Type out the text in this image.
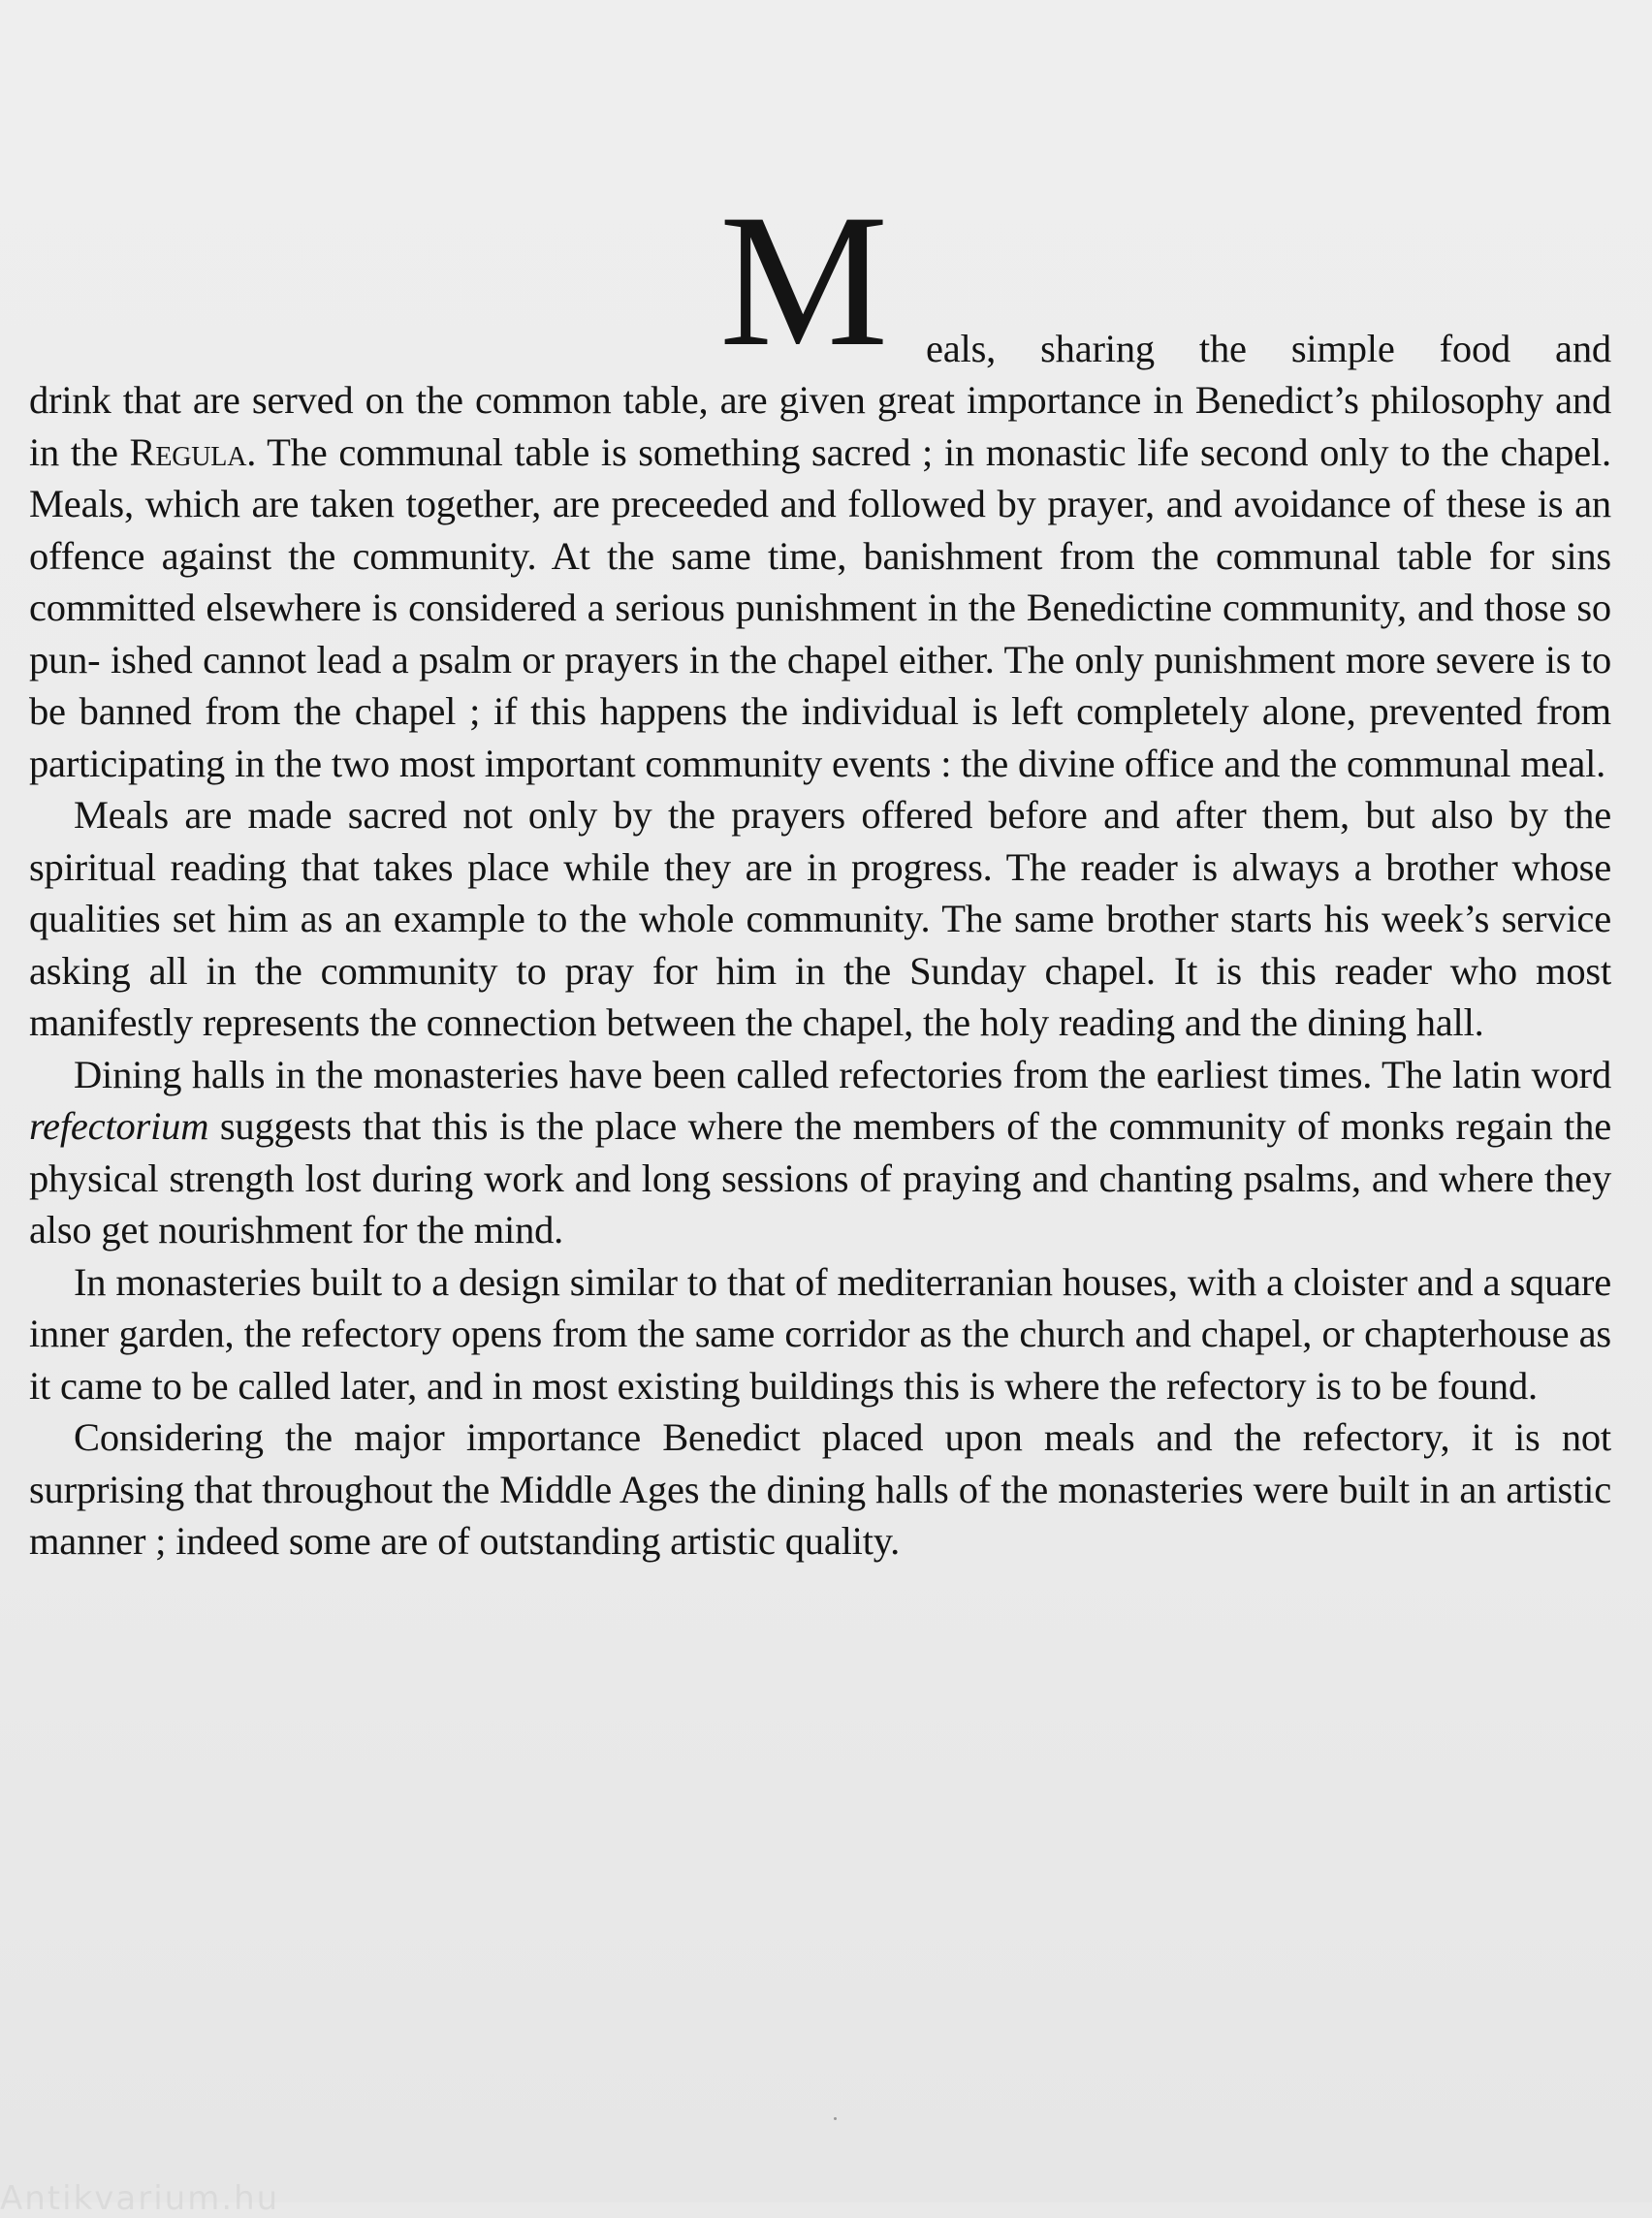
M eals, sharing the simple food and

drink that are served on the common table, are given great importance in Benedict’s philosophy and in the Regula. The communal table is something sacred ; in monastic life second only to the chapel. Meals, which are taken together, are preceeded and followed by prayer, and avoidance of these is an offence against the community. At the same time, banishment from the communal table for sins committed elsewhere is considered a serious punishment in the Benedictine community, and those so pun- ished cannot lead a psalm or prayers in the chapel either. The only punishment more severe is to be banned from the chapel ; if this happens the individual is left completely alone, prevented from participating in the two most important community events : the divine office and the communal meal.

Meals are made sacred not only by the prayers offered before and after them, but also by the spiritual reading that takes place while they are in progress. The reader is always a brother whose qualities set him as an example to the whole community. The same brother starts his week’s service asking all in the community to pray for him in the Sunday chapel. It is this reader who most manifestly represents the connection between the chapel, the holy reading and the dining hall.

Dining halls in the monasteries have been called refectories from the earliest times. The latin word refectorium suggests that this is the place where the members of the community of monks regain the physical strength lost during work and long sessions of praying and chanting psalms, and where they also get nourishment for the mind.

In monasteries built to a design similar to that of mediterranian houses, with a cloister and a square inner garden, the refectory opens from the same corridor as the church and chapel, or chapterhouse as it came to be called later, and in most existing buildings this is where the refectory is to be found.

Considering the major importance Benedict placed upon meals and the refectory, it is not surprising that throughout the Middle Ages the dining halls of the monasteries were built in an artistic manner ; indeed some are of outstanding artistic quality.

Antikvarium.hu
